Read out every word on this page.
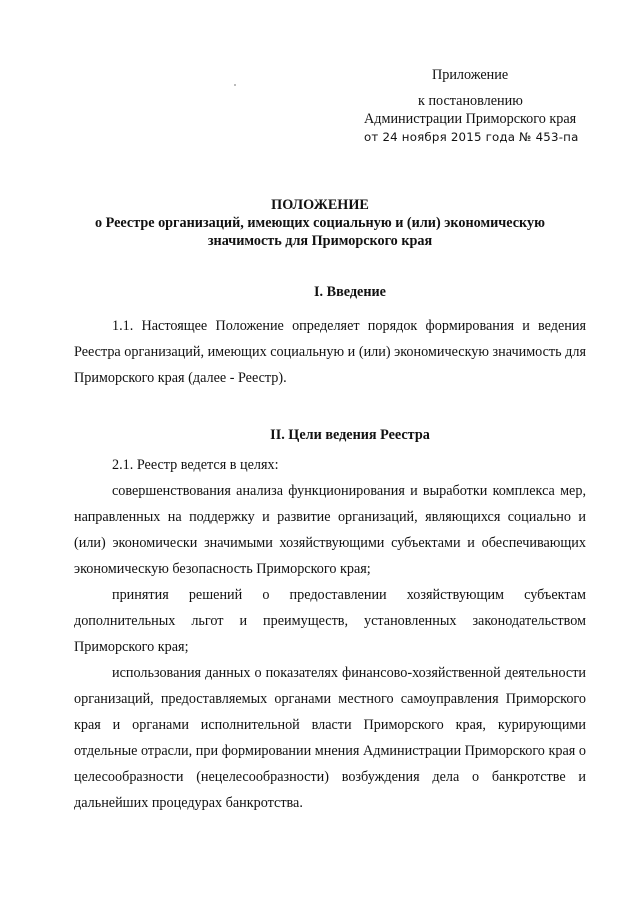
Приложение
к постановлению
Администрации Приморского края
от 24 ноября 2015 года № 453-па
ПОЛОЖЕНИЕ
о Реестре организаций, имеющих социальную и (или) экономическую
значимость для Приморского края
I. Введение
1.1. Настоящее Положение определяет порядок формирования и ведения Реестра организаций, имеющих социальную и (или) экономическую значимость для Приморского края (далее - Реестр).
II. Цели ведения Реестра
2.1. Реестр ведется в целях:
совершенствования анализа функционирования и выработки комплекса мер, направленных на поддержку и развитие организаций, являющихся социально и (или) экономически значимыми хозяйствующими субъектами и обеспечивающих экономическую безопасность Приморского края;
принятия решений о предоставлении хозяйствующим субъектам дополнительных льгот и преимуществ, установленных законодательством Приморского края;
использования данных о показателях финансово-хозяйственной деятельности организаций, предоставляемых органами местного самоуправления Приморского края и органами исполнительной власти Приморского края, курирующими отдельные отрасли, при формировании мнения Администрации Приморского края о целесообразности (нецелесообразности) возбуждения дела о банкротстве и дальнейших процедурах банкротства.
